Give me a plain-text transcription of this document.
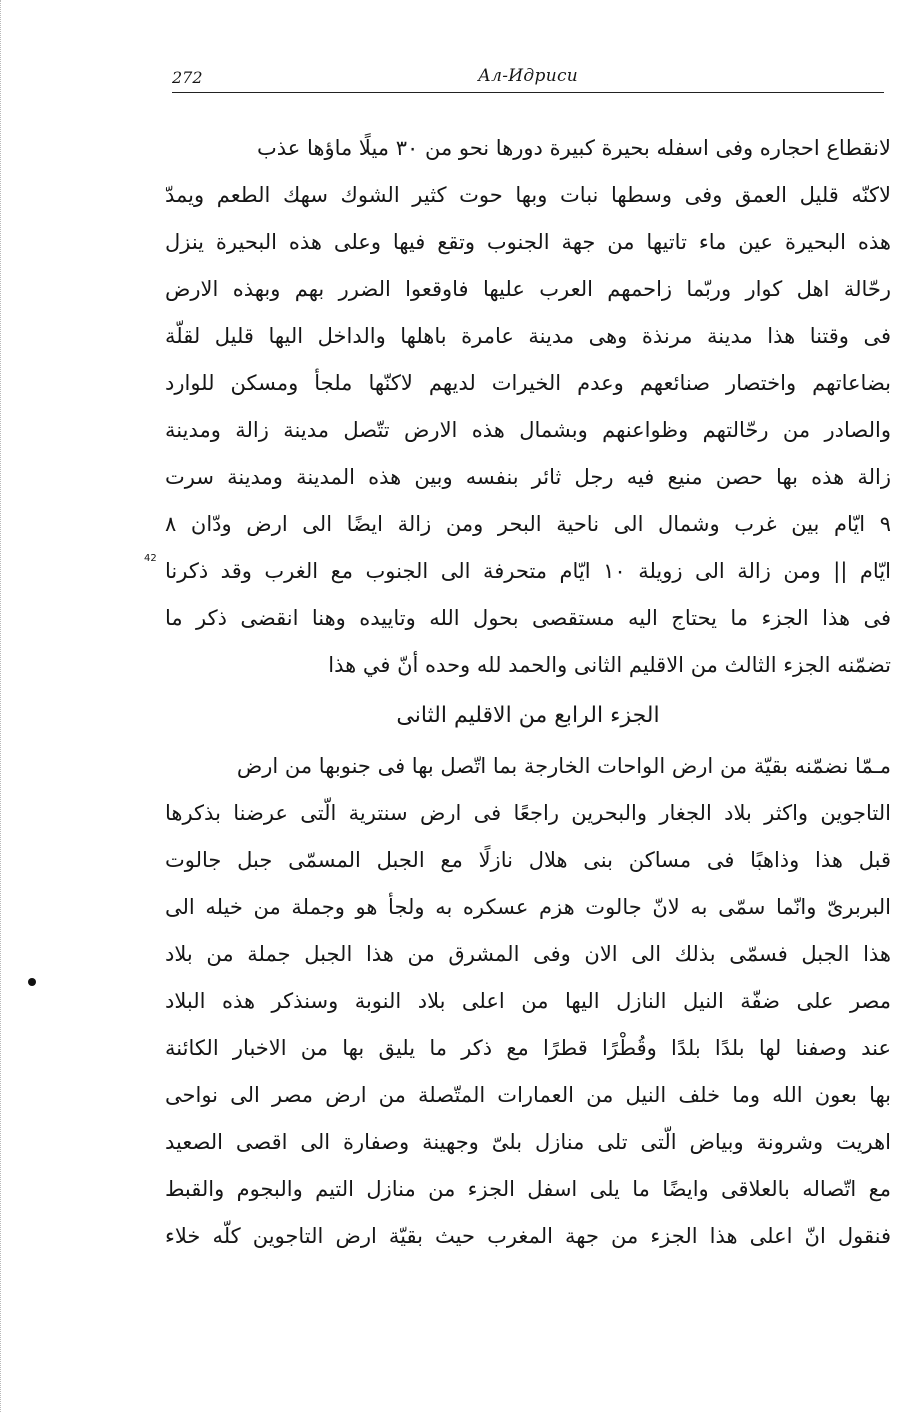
272	Ал-Идриси
42
لانقطاع احجاره وفى اسفله بحيرة كبيرة دورها نحو من ٣٠ ميلًا ماؤها عذب
لاكنّه قليل العمق وفى وسطها نبات وبها حوت كثير الشوك سهك الطعم ويمدّ
هذه البحيرة عين ماء تاتيها من جهة الجنوب وتقع فيها وعلى هذه البحيرة ينزل
رحّالة اهل كوار وربّما زاحمهم العرب عليها فاوقعوا الضرر بهم وبهذه الارض
فى وقتنا هذا مدينة مرنذة وهى مدينة عامرة باهلها والداخل اليها قليل لقلّة
بضاعاتهم واختصار صنائعهم وعدم الخيرات لديهم لاكنّها ملجأ ومسكن للوارد
والصادر من رحّالتهم وظواعنهم وبشمال هذه الارض تتّصل مدينة زالة ومدينة
زالة هذه بها حصن منيع فيه رجل ثائر بنفسه وبين هذه المدينة ومدينة سرت
٩ ايّام بين غرب وشمال الى ناحية البحر ومن زالة ايضًا الى ارض ودّان ٨
ايّام || ومن زالة الى زويلة ١٠ ايّام متحرفة الى الجنوب مع الغرب وقد ذكرنا
فى هذا الجزء ما يحتاج اليه مستقصى بحول الله وتاييده وهنا انقضى ذكر ما
تضمّنه الجزء الثالث من الاقليم الثانى والحمد لله وحده أنّ في هذا
الجزء الرابع من الاقليم الثانى
مـمّا نضمّنه بقيّة من ارض الواحات الخارجة بما اتّصل بها فى جنوبها من ارض
التاجوين واكثر بلاد الجغار والبحرين راجعًا فى ارض سنترية الّتى عرضنا بذكرها
قبل هذا وذاهبًا فى مساكن بنى هلال نازلًا مع الجبل المسمّى جبل جالوت
البربرىّ وانّما سمّى به لانّ جالوت هزم عسكره به ولجأ هو وجملة من خيله الى
هذا الجبل فسمّى بذلك الى الان وفى المشرق من هذا الجبل جملة من بلاد
مصر على ضفّة النيل النازل اليها من اعلى بلاد النوبة وسنذكر هذه البلاد
عند وصفنا لها بلدًا بلدًا وقُطْرًا قطرًا مع ذكر ما يليق بها من الاخبار الكائنة
بها بعون الله وما خلف النيل من العمارات المتّصلة من ارض مصر الى نواحى
اهريت وشرونة وبياض الّتى تلى منازل بلىّ وجهينة وصفارة الى اقصى الصعيد
مع اتّصاله بالعلاقى وايضًا ما يلى اسفل الجزء من منازل التيم والبجوم والقبط
فنقول انّ اعلى هذا الجزء من جهة المغرب حيث بقيّة ارض التاجوين كلّه خلاء
